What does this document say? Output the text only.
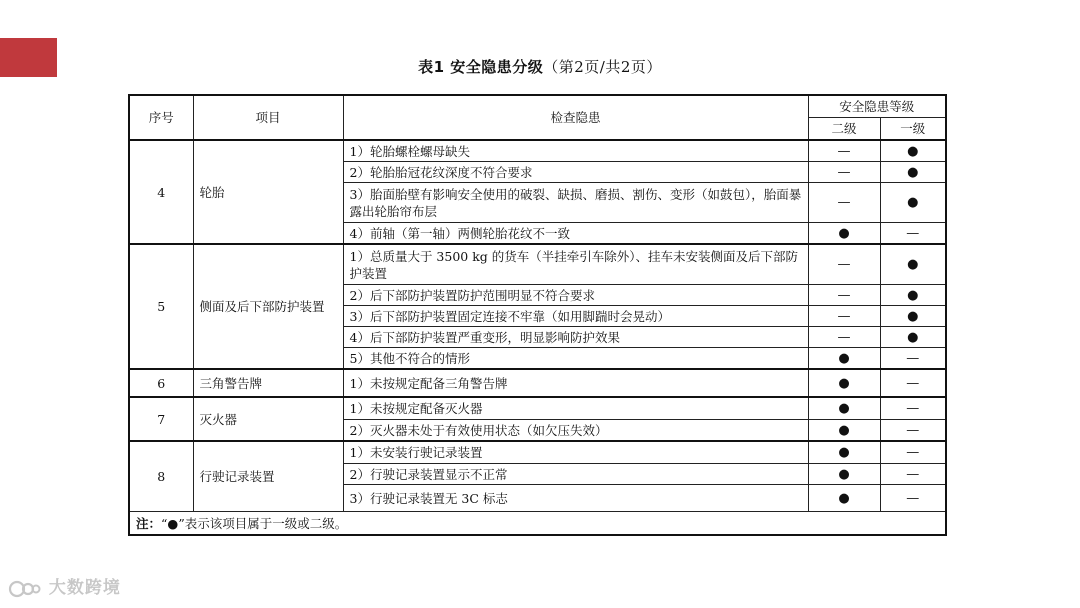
表1 安全隐患分级（第2页/共2页）
序号	项目	检查隐患	安全隐患等级	
			二级	一级
4	轮胎	1）轮胎螺栓螺母缺失	—	●
		2）轮胎胎冠花纹深度不符合要求	—	●
		3）胎面胎壁有影响安全使用的破裂、缺损、磨损、割伤、变形（如鼓包），胎面暴露出轮胎帘布层	—	●
		4）前轴（第一轴）两侧轮胎花纹不一致	●	—
5	侧面及后下部防护装置	1）总质量大于 3500 kg 的货车（半挂牵引车除外）、挂车未安装侧面及后下部防护装置	—	●
		2）后下部防护装置防护范围明显不符合要求	—	●
		3）后下部防护装置固定连接不牢靠（如用脚踹时会晃动）	—	●
		4）后下部防护装置严重变形，明显影响防护效果	—	●
		5）其他不符合的情形	●	—
6	三角警告牌	1）未按规定配备三角警告牌	●	—
7	灭火器	1）未按规定配备灭火器	●	—
		2）灭火器未处于有效使用状态（如欠压失效）	●	—
8	行驶记录装置	1）未安装行驶记录装置	●	—
		2）行驶记录装置显示不正常	●	—
		3）行驶记录装置无 3C 标志	●	—
注：“●”表示该项目属于一级或二级。				
大数跨境
